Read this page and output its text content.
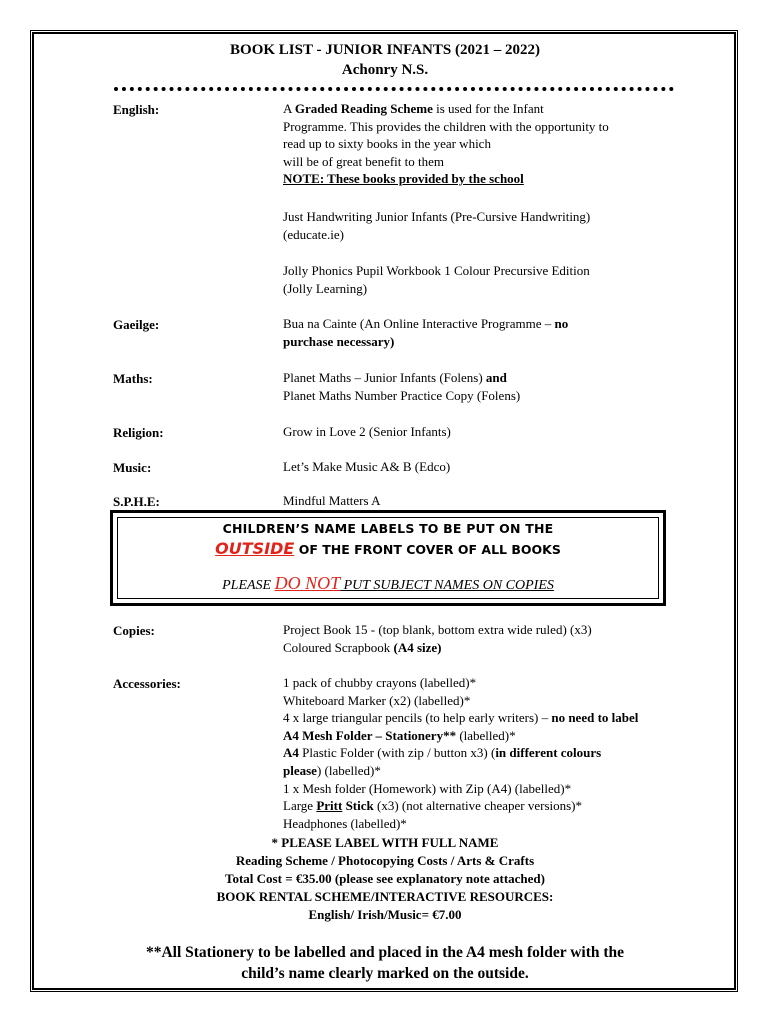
BOOK LIST - JUNIOR INFANTS (2021 – 2022)
Achonry N.S.
English:	A Graded Reading Scheme is used for the Infant
Programme. This provides the children with the opportunity to
read up to sixty books in the year which
will be of great benefit to them
NOTE: These books provided by the school
Just Handwriting Junior Infants (Pre-Cursive Handwriting)
(educate.ie)
Jolly Phonics Pupil Workbook 1 Colour Precursive Edition
(Jolly Learning)
Gaeilge:	Bua na Cainte (An Online Interactive Programme – no
purchase necessary)
Maths:	Planet Maths – Junior Infants (Folens) and
Planet Maths Number Practice Copy (Folens)
Religion:	Grow in Love 2 (Senior Infants)
Music:	Let’s Make Music A& B (Edco)
S.P.H.E:	Mindful Matters A
CHILDREN’S NAME LABELS TO BE PUT ON THE
OUTSIDE OF THE FRONT COVER OF ALL BOOKS
PLEASE DO NOT PUT SUBJECT NAMES ON COPIES
Copies:	Project Book 15 - (top blank, bottom extra wide ruled) (x3)
Coloured Scrapbook (A4 size)
Accessories:	1 pack of chubby crayons (labelled)*
Whiteboard Marker (x2) (labelled)*
4 x large triangular pencils (to help early writers) – no need to label
A4 Mesh Folder – Stationery** (labelled)*
A4 Plastic Folder (with zip / button x3) (in different colours
please) (labelled)*
1 x Mesh folder (Homework) with Zip (A4) (labelled)*
Large Pritt Stick (x3) (not alternative cheaper versions)*
Headphones (labelled)*
* PLEASE LABEL WITH FULL NAME
Reading Scheme / Photocopying Costs / Arts & Crafts
Total Cost = €35.00 (please see explanatory note attached)
BOOK RENTAL SCHEME/INTERACTIVE RESOURCES:
English/ Irish/Music= €7.00
**All Stationery to be labelled and placed in the A4 mesh folder with the
child’s name clearly marked on the outside.
